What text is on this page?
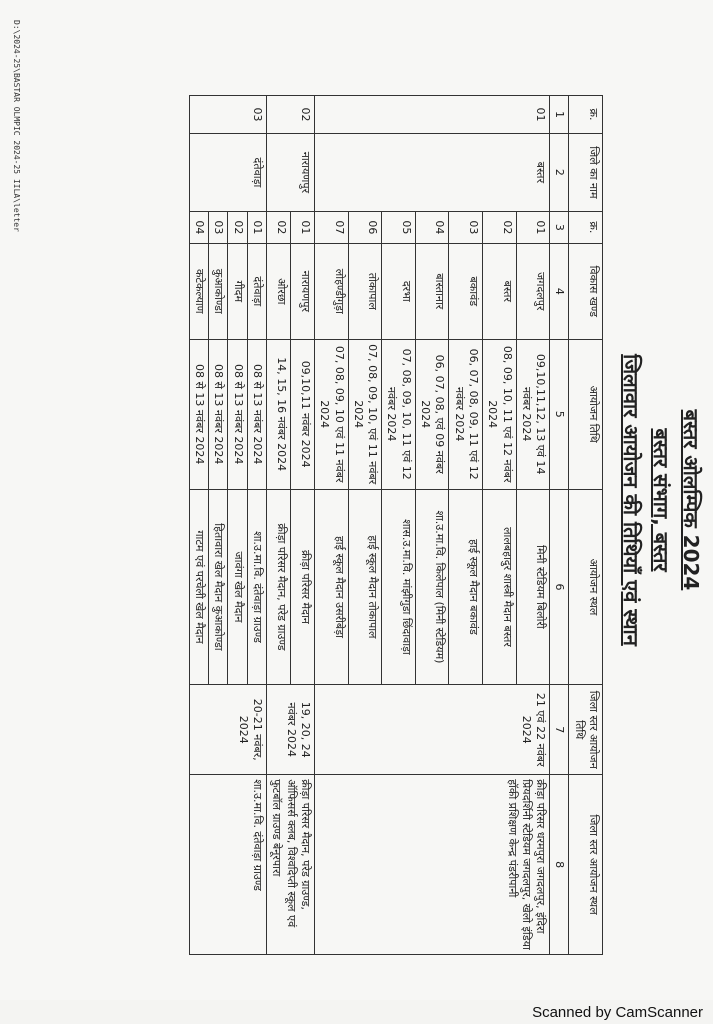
बस्तर ओलम्पिक 2024
बस्तर संभाग, बस्तर
जिलावार आयोजन की तिथियाँ एवं स्थान
क्र.	जिले का नाम	क्र.	विकास खण्ड	आयोजन तिथि	आयोजन स्थल	जिला स्तर आयोजन तिथि	जिला स्तर आयोजन स्थल
1	2	3	4	5	6	7	8
01	बस्तर	01	जगदलपुर	09,10,11,12, 13 एवं 14 नवंबर 2024	मिनी स्टेडियम बिलोरी	21 एवं 22 नवंबर 2024	क्रीड़ा परिसर धरमपुरा जगदलपुर, इंदिरा प्रियदर्शिनी स्टेडियम जगदलपुर, खेलो इंडिया हॉकी प्रशिक्षण केन्द्र पंडरीपानी
		02	बस्तर	08, 09, 10, 11 एवं 12 नवंबर 2024	लालबहादुर शास्त्री मैदान बस्तर		
		03	बकावंड	06, 07, 08, 09, 11 एवं 12 नवंबर 2024	हाई स्कूल मैदान बकावंड		
		04	बास्तानार	06, 07, 08, एवं 09 नवंबर 2024	शा.उ.मा.वि. किलेपाल (मिनी स्टेडियम)		
		05	दरभा	07, 08, 09, 10, 11 एवं 12 नवंबर 2024	शास.उ.मा.वि. मांझीगुडा छिंदावाड़ा		
		06	तोकापाल	07, 08, 09, 10, एवं 11 नवंबर 2024	हाई स्कूल मैदान तोकापाल		
		07	लोहण्डीगुड़ा	07, 08, 09, 10 एवं 11 नवंबर 2024	हाई स्कूल मैदान उसरीबेड़ा		
02	नारायणपुर	01	नारायणपुर	09,10,11 नवंबर 2024	क्रीड़ा परिसर मैदान	19, 20, 24 नवंबर 2024	क्रीड़ा परिसर मैदान, परेड ग्राउण्ड, ऑफिसर्स क्लब, विश्वदिप्ती स्कूल एवं फुटबॉल ग्राउण्ड बेनूरपारा
		02	ओरछा	14, 15, 16 नवंबर 2024	क्रीड़ा परिसर मैदान, परेड ग्राउण्ड		
03	दंतेवाड़ा	01	दंतेवाड़ा	08 से 13 नवंबर 2024	शा.उ.मा.वि. दंतेवाड़ा ग्राउण्ड	20-21 नवंबर, 2024	शा.उ.मा.वि. दंतेवाड़ा ग्राउण्ड
		02	गीदम	08 से 13 नवंबर 2024	जावंगा खेल मैदान		
		03	कुआकोण्डा	08 से 13 नवंबर 2024	हितावारा खेल मैदान कुआकोण्डा		
		04	कटेकल्याण	08 से 13 नवंबर 2024	गाटम एवं परचेली खेल मैदान		
D:\2024-25\BASTAR OLMPIC 2024-25 IILA\letter
Scanned by CamScanner
